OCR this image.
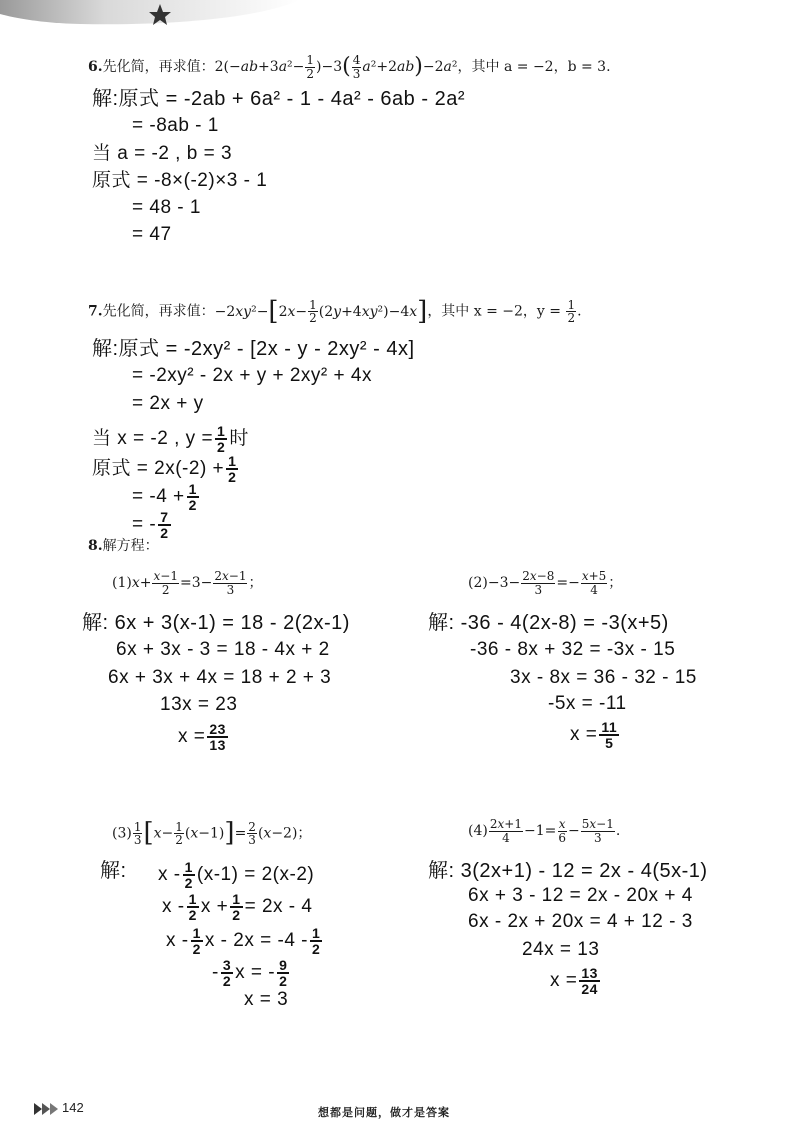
6.先化简，再求值：$2(-ab+3a^2- \frac{1}{2} )-3( \frac{4}{3} a^2+2ab)-2a^2$，其中 a = −2，b = 3.
解:原式 = -2ab + 6a² - 1 - 4a² - 6ab - 2a²
= -8ab - 1
当 a = -2 , b = 3
原式 = -8×(-2)×3 - 1
= 48 - 1
= 47
7.先化简，再求值：$-2xy^2-[2x- \frac{1}{2} (2y+4xy^2)-4x]$，其中 x = −2，$y = \frac{1}{2}$ .
解:原式 = -2xy² - [2x - y - 2xy² - 4x]
= -2xy² - 2x + y + 2xy² + 4x
= 2x + y
当 x = -2 , $y = \frac{1}{2}$ 时
原式 = $2x(-2) + \frac{1}{2}$
= $-4 + \frac{1}{2}$
= - $\frac{7}{2}$
8.解方程：
$(1)x+ \frac{x-1}{2} =3- \frac{2x-1}{3}$ ；
解: 6x + 3(x-1) = 18 - 2(2x-1)
6x + 3x - 3 = 18 - 4x + 2
6x + 3x + 4x = 18 + 2 + 3
13x = 23
$x = \frac{23}{13}$
$(2)-3- \frac{2x-8}{3} =- \frac{x+5}{4}$ ；
解: -36 - 4(2x-8) = -3(x+5)
-36 - 8x + 32 = -3x - 15
3x - 8x = 36 - 32 - 15
-5x = -11
$x = \frac{11}{5}$
$(3) \frac{1}{3} [x- \frac{1}{2} (x-1)]= \frac{2}{3} (x-2)$；
解: $x - \frac{1}{2} (x-1) = 2(x-2)$
x - $\frac{1}{2}$ $x + \frac{1}{2} = 2x - 4$
x - $\frac{1}{2}$ $x - 2x = -4 - \frac{1}{2}$
- $\frac{3}{2}$ x = - $\frac{9}{2}$
x = 3
$(4) \frac{2x+1}{4} -1= \frac{x}{6} - \frac{5x-1}{3}$ .
解: 3(2x+1) - 12 = 2x - 4(5x-1)
6x + 3 - 12 = 2x - 20x + 4
6x - 2x + 20x = 4 + 12 - 3
24x = 13
$x = \frac{13}{24}$
142	想都是问题，做才是答案
